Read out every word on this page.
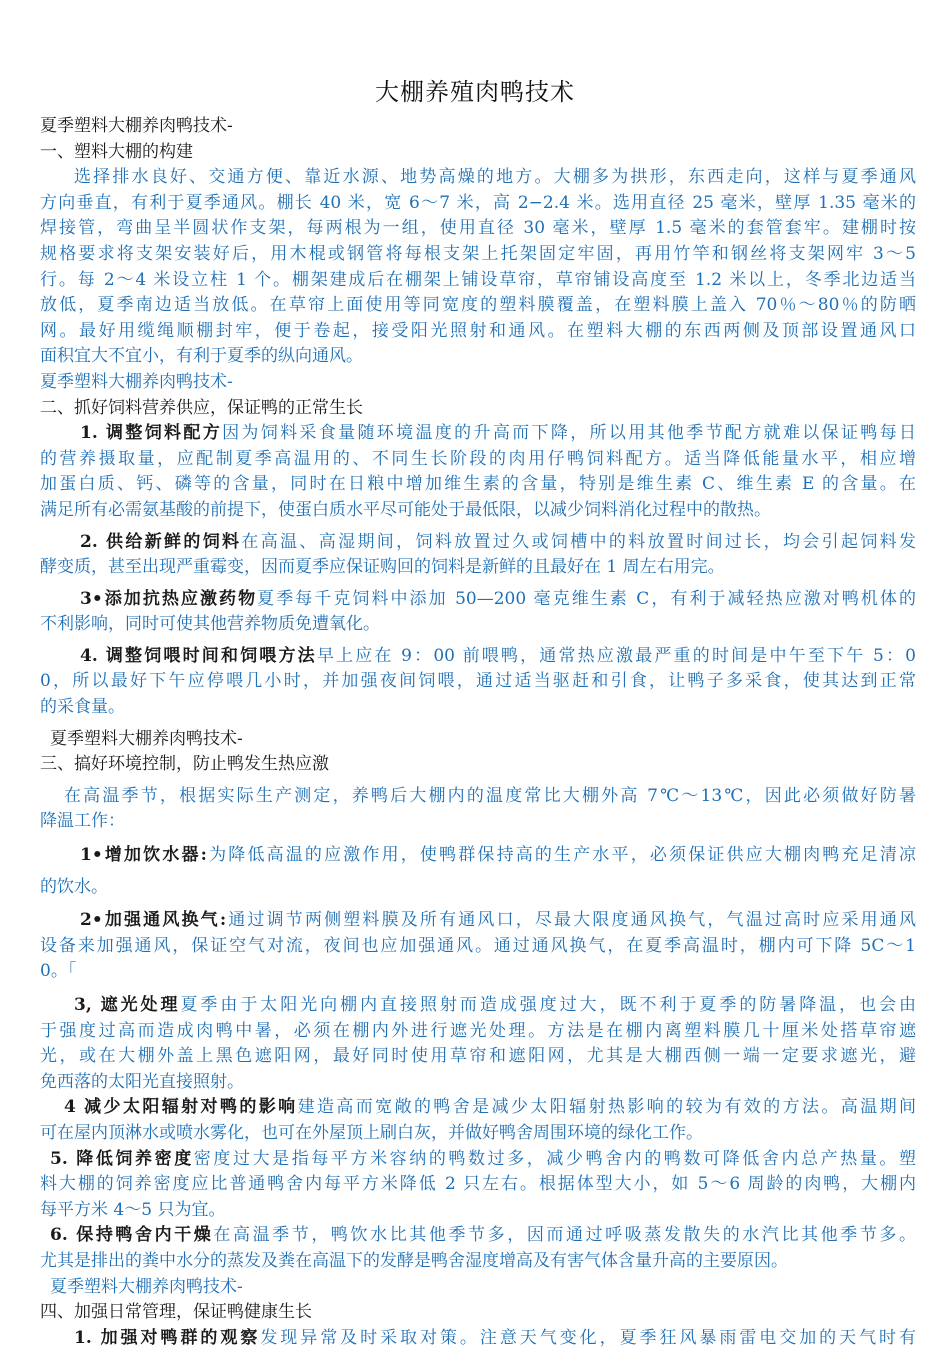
大棚养殖肉鸭技术
夏季塑料大棚养肉鸭技术-
一、塑料大棚的构建
选择排水良好、交通方便、靠近水源、地势高燥的地方。大棚多为拱形，东西走向，这样与夏季通风
方向垂直，有利于夏季通风。棚长 40 米，宽 6〜7 米，高 2−2.4 米。选用直径 25 毫米，壁厚 1.35 毫米的
焊接管，弯曲呈半圆状作支架，每两根为一组，使用直径 30 毫米，壁厚 1.5 毫米的套管套牢。建棚时按
规格要求将支架安装好后，用木棍或钢管将每根支架上托架固定牢固，再用竹竿和钢丝将支架网牢 3〜5
行。每 2〜4 米设立柱 1 个。棚架建成后在棚架上铺设草帘，草帘铺设高度至 1.2 米以上，冬季北边适当
放低，夏季南边适当放低。在草帘上面使用等同宽度的塑料膜覆盖，在塑料膜上盖入 70％〜80％的防晒
网。最好用缆绳顺棚封牢，便于卷起，接受阳光照射和通风。在塑料大棚的东西两侧及顶部设置通风口
面积宜大不宜小，有利于夏季的纵向通风。
夏季塑料大棚养肉鸭技术-
二、抓好饲料营养供应，保证鸭的正常生长
1. 调整饲料配方因为饲料采食量随环境温度的升高而下降，所以用其他季节配方就难以保证鸭每日
的营养摄取量，应配制夏季高温用的、不同生长阶段的肉用仔鸭饲料配方。适当降低能量水平，相应增
加蛋白质、钙、磷等的含量，同时在日粮中增加维生素的含量，特别是维生素 C、维生素 E 的含量。在
满足所有必需氨基酸的前提下，使蛋白质水平尽可能处于最低限，以减少饲料消化过程中的散热。
2. 供给新鲜的饲料在高温、高湿期间，饲料放置过久或饲槽中的料放置时间过长，均会引起饲料发
酵变质，甚至出现严重霉变，因而夏季应保证购回的饲料是新鲜的且最好在 1 周左右用完。
3•添加抗热应激药物夏季每千克饲料中添加 50—200 毫克维生素 C，有利于减轻热应激对鸭机体的
不利影响，同时可使其他营养物质免遭氧化。
4. 调整饲喂时间和饲喂方法早上应在 9：00 前喂鸭，通常热应激最严重的时间是中午至下午 5：0
0，所以最好下午应停喂几小时，并加强夜间饲喂，通过适当驱赶和引食，让鸭子多采食，使其达到正常
的采食量。
夏季塑料大棚养肉鸭技术-
三、搞好环境控制，防止鸭发生热应激
在高温季节，根据实际生产测定，养鸭后大棚内的温度常比大棚外高 7℃〜13℃，因此必须做好防暑
降温工作：
1•增加饮水器:为降低高温的应激作用，使鸭群保持高的生产水平，必须保证供应大棚肉鸭充足清凉
的饮水。
2•加强通风换气:通过调节两侧塑料膜及所有通风口，尽最大限度通风换气，气温过高时应采用通风
设备来加强通风，保证空气对流，夜间也应加强通风。通过通风换气，在夏季高温时，棚内可下降 5C〜1
0。「
3, 遮光处理夏季由于太阳光向棚内直接照射而造成强度过大，既不利于夏季的防暑降温，也会由
于强度过高而造成肉鸭中暑，必须在棚内外进行遮光处理。方法是在棚内离塑料膜几十厘米处搭草帘遮
光，或在大棚外盖上黑色遮阳网，最好同时使用草帘和遮阳网，尤其是大棚西侧一端一定要求遮光，避
免西落的太阳光直接照射。
4 减少太阳辐射对鸭的影响建造高而宽敞的鸭舍是减少太阳辐射热影响的较为有效的方法。高温期间
可在屋内顶淋水或喷水雾化，也可在外屋顶上刷白灰，并做好鸭舍周围环境的绿化工作。
5. 降低饲养密度密度过大是指每平方米容纳的鸭数过多，减少鸭舍内的鸭数可降低舍内总产热量。塑
料大棚的饲养密度应比普通鸭舍内每平方米降低 2 只左右。根据体型大小，如 5〜6 周龄的肉鸭，大棚内
每平方米 4〜5 只为宜。
6. 保持鸭舍内干燥在高温季节，鸭饮水比其他季节多，因而通过呼吸蒸发散失的水汽比其他季节多。
尤其是排出的粪中水分的蒸发及粪在高温下的发酵是鸭舍湿度增高及有害气体含量升高的主要原因。
夏季塑料大棚养肉鸭技术-
四、加强日常管理，保证鸭健康生长
1. 加强对鸭群的观察发现异常及时采取对策。注意天气变化，夏季狂风暴雨雷电交加的天气时有
